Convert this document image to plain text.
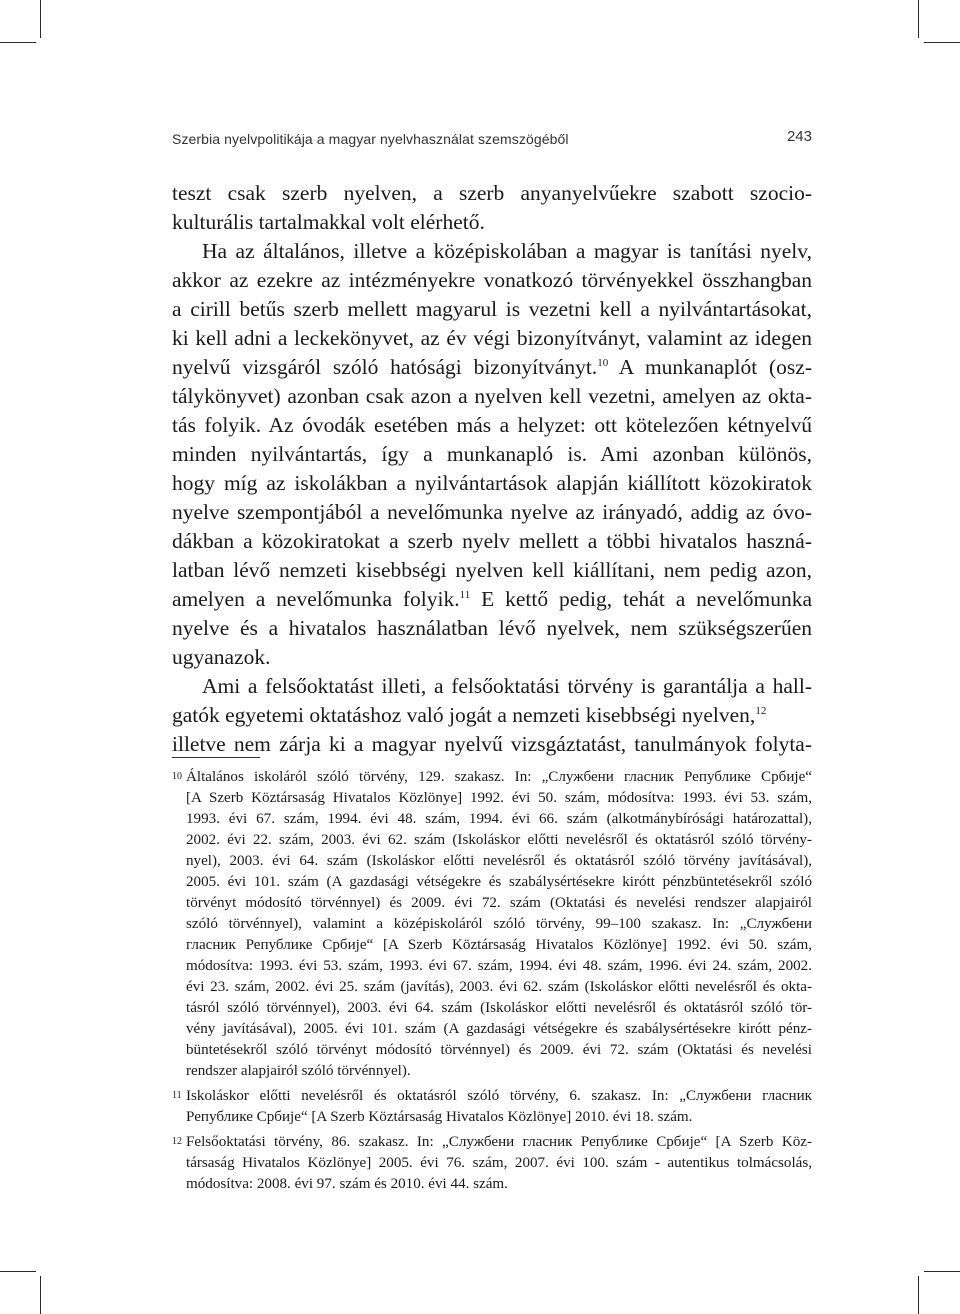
Szerbia nyelvpolitikája a magyar nyelvhasználat szemszögéből	243
teszt csak szerb nyelven, a szerb anyanyelvűekre szabott szocio-
kulturális tartalmakkal volt elérhető.
Ha az általános, illetve a középiskolában a magyar is tanítási nyelv,
akkor az ezekre az intézményekre vonatkozó törvényekkel összhangban
a cirill betűs szerb mellett magyarul is vezetni kell a nyilvántartásokat,
ki kell adni a leckekönyvet, az év végi bizonyítványt, valamint az idegen
nyelvű vizsgáról szóló hatósági bizonyítványt.$^{10}$ A munkanaplót (osz-
tálykönyvet) azonban csak azon a nyelven kell vezetni, amelyen az okta-
tás folyik. Az óvodák esetében más a helyzet: ott kötelezően kétnyelvű
minden nyilvántartás, így a munkanapló is. Ami azonban különös,
hogy míg az iskolákban a nyilvántartások alapján kiállított közokiratok
nyelve szempontjából a nevelőmunka nyelve az irányadó, addig az óvo-
dákban a közokiratokat a szerb nyelv mellett a többi hivatalos haszná-
latban lévő nemzeti kisebbségi nyelven kell kiállítani, nem pedig azon,
amelyen a nevelőmunka folyik.$^{11}$ E kettő pedig, tehát a nevelőmunka
nyelve és a hivatalos használatban lévő nyelvek, nem szükségszerűen
ugyanazok.
Ami a felsőoktatást illeti, a felsőoktatási törvény is garantálja a hall-
gatók egyetemi oktatáshoz való jogát a nemzeti kisebbségi nyelven,$^{12}$
illetve nem zárja ki a magyar nyelvű vizsgáztatást, tanulmányok folyta-
10 Általános iskoláról szóló törvény, 129. szakasz. In: „Службени гласник Републике Србије“
[A Szerb Köztársaság Hivatalos Közlönye] 1992. évi 50. szám, módosítva: 1993. évi 53. szám,
1993. évi 67. szám, 1994. évi 48. szám, 1994. évi 66. szám (alkotmánybírósági határozattal),
2002. évi 22. szám, 2003. évi 62. szám (Iskoláskor előtti nevelésről és oktatásról szóló törvény-
nyel), 2003. évi 64. szám (Iskoláskor előtti nevelésről és oktatásról szóló törvény javításával),
2005. évi 101. szám (A gazdasági vétségekre és szabálysértésekre kirótt pénzbüntetésekről szóló
törvényt módosító törvénnyel) és 2009. évi 72. szám (Oktatási és nevelési rendszer alapjairól
szóló törvénnyel), valamint a középiskoláról szóló törvény, 99–100 szakasz. In: „Службени
гласник Републике Србије“ [A Szerb Köztársaság Hivatalos Közlönye] 1992. évi 50. szám,
módosítva: 1993. évi 53. szám, 1993. évi 67. szám, 1994. évi 48. szám, 1996. évi 24. szám, 2002.
évi 23. szám, 2002. évi 25. szám (javítás), 2003. évi 62. szám (Iskoláskor előtti nevelésről és okta-
tásról szóló törvénnyel), 2003. évi 64. szám (Iskoláskor előtti nevelésről és oktatásról szóló tör-
vény javításával), 2005. évi 101. szám (A gazdasági vétségekre és szabálysértésekre kirótt pénz-
büntetésekről szóló törvényt módosító törvénnyel) és 2009. évi 72. szám (Oktatási és nevelési
rendszer alapjairól szóló törvénnyel).
11 Iskoláskor előtti nevelésről és oktatásról szóló törvény, 6. szakasz. In: „Службени гласник
Републике Србије“ [A Szerb Köztársaság Hivatalos Közlönye] 2010. évi 18. szám.
12 Felsőoktatási törvény, 86. szakasz. In: „Службени гласник Републике Србије“ [A Szerb Köz-
társaság Hivatalos Közlönye] 2005. évi 76. szám, 2007. évi 100. szám - autentikus tolmácsolás,
módosítva: 2008. évi 97. szám és 2010. évi 44. szám.
